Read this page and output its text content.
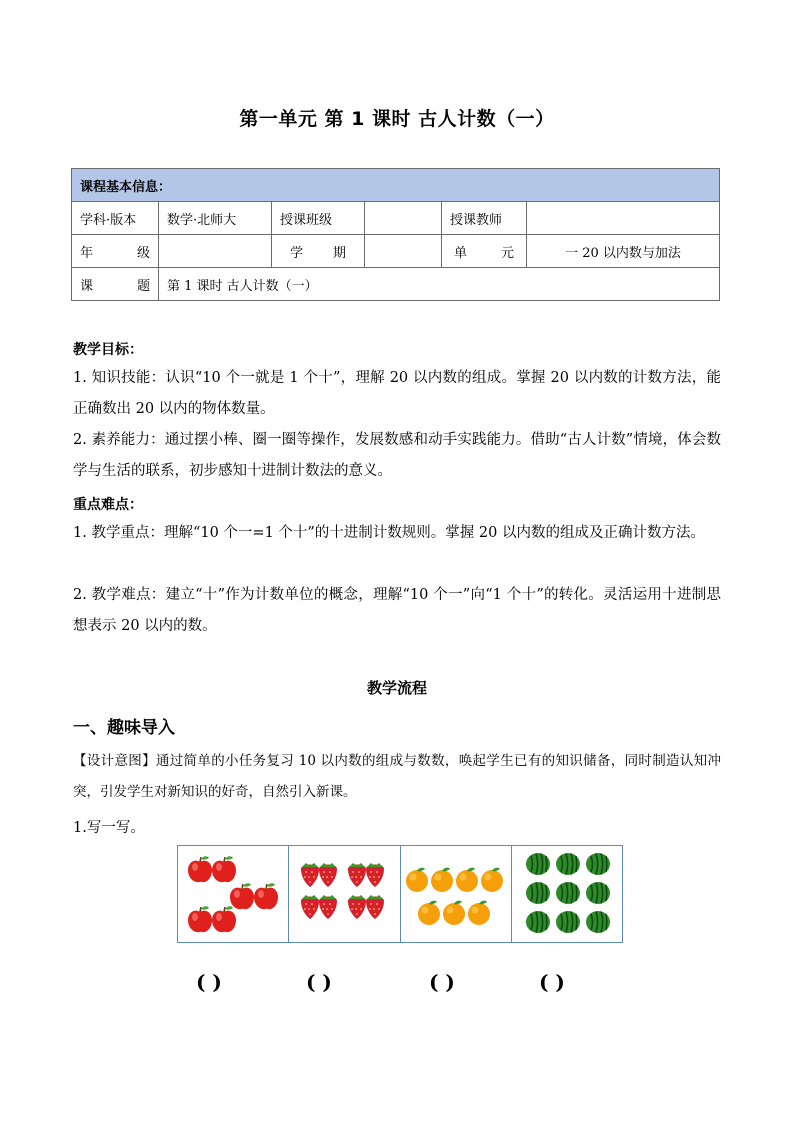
第一单元 第 1 课时 古人计数（一）
课程基本信息：					
学科·版本	数学·北师大	授课班级		授课教师	

年 级		学 期		单 元	一 20 以内数与加法

课 题	第 1 课时 古人计数（一）				
教学目标：
1. 知识技能：认识“10 个一就是 1 个十”，理解 20 以内数的组成。掌握 20 以内数的计数方法，能正确数出 20 以内的物体数量。
2. 素养能力：通过摆小棒、圈一圈等操作，发展数感和动手实践能力。借助“古人计数”情境，体会数学与生活的联系，初步感知十进制计数法的意义。
重点难点：
1. 教学重点：理解“10 个一=1 个十”的十进制计数规则。掌握 20 以内数的组成及正确计数方法。
2. 教学难点：建立“十”作为计数单位的概念，理解“10 个一”向“1 个十”的转化。灵活运用十进制思想表示 20 以内的数。
教学流程
一、趣味导入
【设计意图】通过简单的小任务复习 10 以内数的组成与数数，唤起学生已有的知识储备，同时制造认知冲突，引发学生对新知识的好奇，自然引入新课。
1.写一写。
( )	( )	( )	( )
